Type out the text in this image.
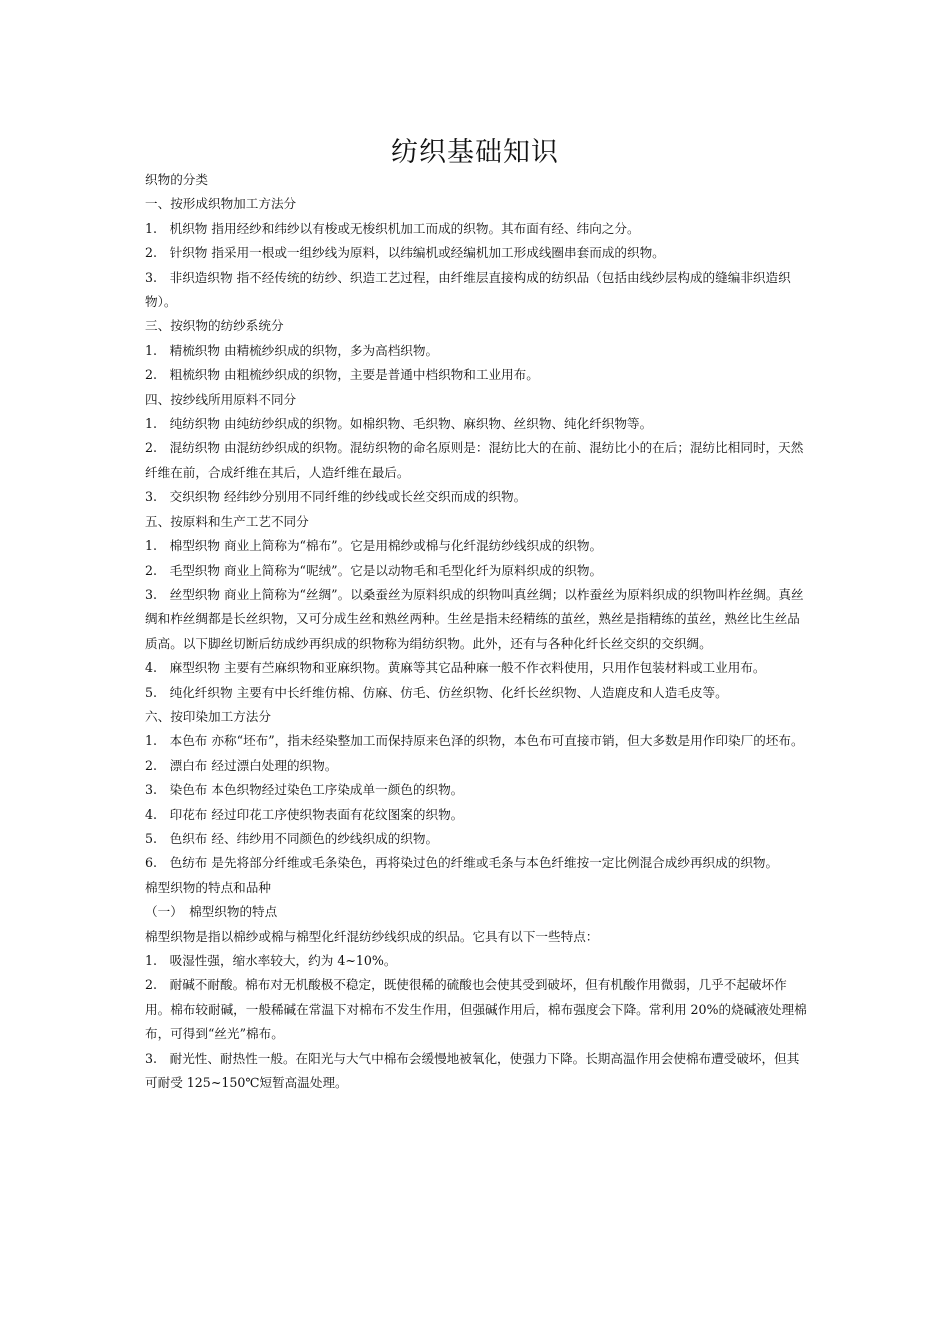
纺织基础知识

织物的分类

一、按形成织物加工方法分

1.　机织物 指用经纱和纬纱以有梭或无梭织机加工而成的织物。其布面有经、纬向之分。

2.　针织物 指采用一根或一组纱线为原料，以纬编机或经编机加工形成线圈串套而成的织物。

3.　非织造织物 指不经传统的纺纱、织造工艺过程，由纤维层直接构成的纺织品（包括由线纱层构成的缝编非织造织物）。

三、按织物的纺纱系统分

1.　精梳织物 由精梳纱织成的织物，多为高档织物。

2.　粗梳织物 由粗梳纱织成的织物，主要是普通中档织物和工业用布。

四、按纱线所用原料不同分

1.　纯纺织物 由纯纺纱织成的织物。如棉织物、毛织物、麻织物、丝织物、纯化纤织物等。

2.　混纺织物 由混纺纱织成的织物。混纺织物的命名原则是：混纺比大的在前、混纺比小的在后；混纺比相同时，天然纤维在前，合成纤维在其后，人造纤维在最后。

3.　交织织物 经纬纱分别用不同纤维的纱线或长丝交织而成的织物。

五、按原料和生产工艺不同分

1.　棉型织物 商业上简称为“棉布”。它是用棉纱或棉与化纤混纺纱线织成的织物。

2.　毛型织物 商业上简称为“呢绒”。它是以动物毛和毛型化纤为原料织成的织物。

3.　丝型织物 商业上简称为“丝绸”。以桑蚕丝为原料织成的织物叫真丝绸；以柞蚕丝为原料织成的织物叫柞丝绸。真丝绸和柞丝绸都是长丝织物，又可分成生丝和熟丝两种。生丝是指未经精练的茧丝，熟丝是指精练的茧丝，熟丝比生丝品质高。以下脚丝切断后纺成纱再织成的织物称为绢纺织物。此外，还有与各种化纤长丝交织的交织绸。

4.　麻型织物 主要有苎麻织物和亚麻织物。黄麻等其它品种麻一般不作衣料使用，只用作包装材料或工业用布。

5.　纯化纤织物 主要有中长纤维仿棉、仿麻、仿毛、仿丝织物、化纤长丝织物、人造鹿皮和人造毛皮等。

六、按印染加工方法分

1.　本色布 亦称“坯布”，指未经染整加工而保持原来色泽的织物，本色布可直接市销，但大多数是用作印染厂的坯布。

2.　漂白布 经过漂白处理的织物。

3.　染色布 本色织物经过染色工序染成单一颜色的织物。

4.　印花布 经过印花工序使织物表面有花纹图案的织物。

5.　色织布 经、纬纱用不同颜色的纱线织成的织物。

6.　色纺布 是先将部分纤维或毛条染色，再将染过色的纤维或毛条与本色纤维按一定比例混合成纱再织成的织物。

棉型织物的特点和品种

（一）　棉型织物的特点

棉型织物是指以棉纱或棉与棉型化纤混纺纱线织成的织品。它具有以下一些特点：

1.　吸湿性强，缩水率较大，约为 4~10%。

2.　耐碱不耐酸。棉布对无机酸极不稳定，既使很稀的硫酸也会使其受到破坏，但有机酸作用微弱，几乎不起破坏作用。棉布较耐碱，一般稀碱在常温下对棉布不发生作用，但强碱作用后，棉布强度会下降。常利用 20%的烧碱液处理棉布，可得到“丝光”棉布。

3.　耐光性、耐热性一般。在阳光与大气中棉布会缓慢地被氧化，使强力下降。长期高温作用会使棉布遭受破坏，但其可耐受 125~150℃短暂高温处理。
